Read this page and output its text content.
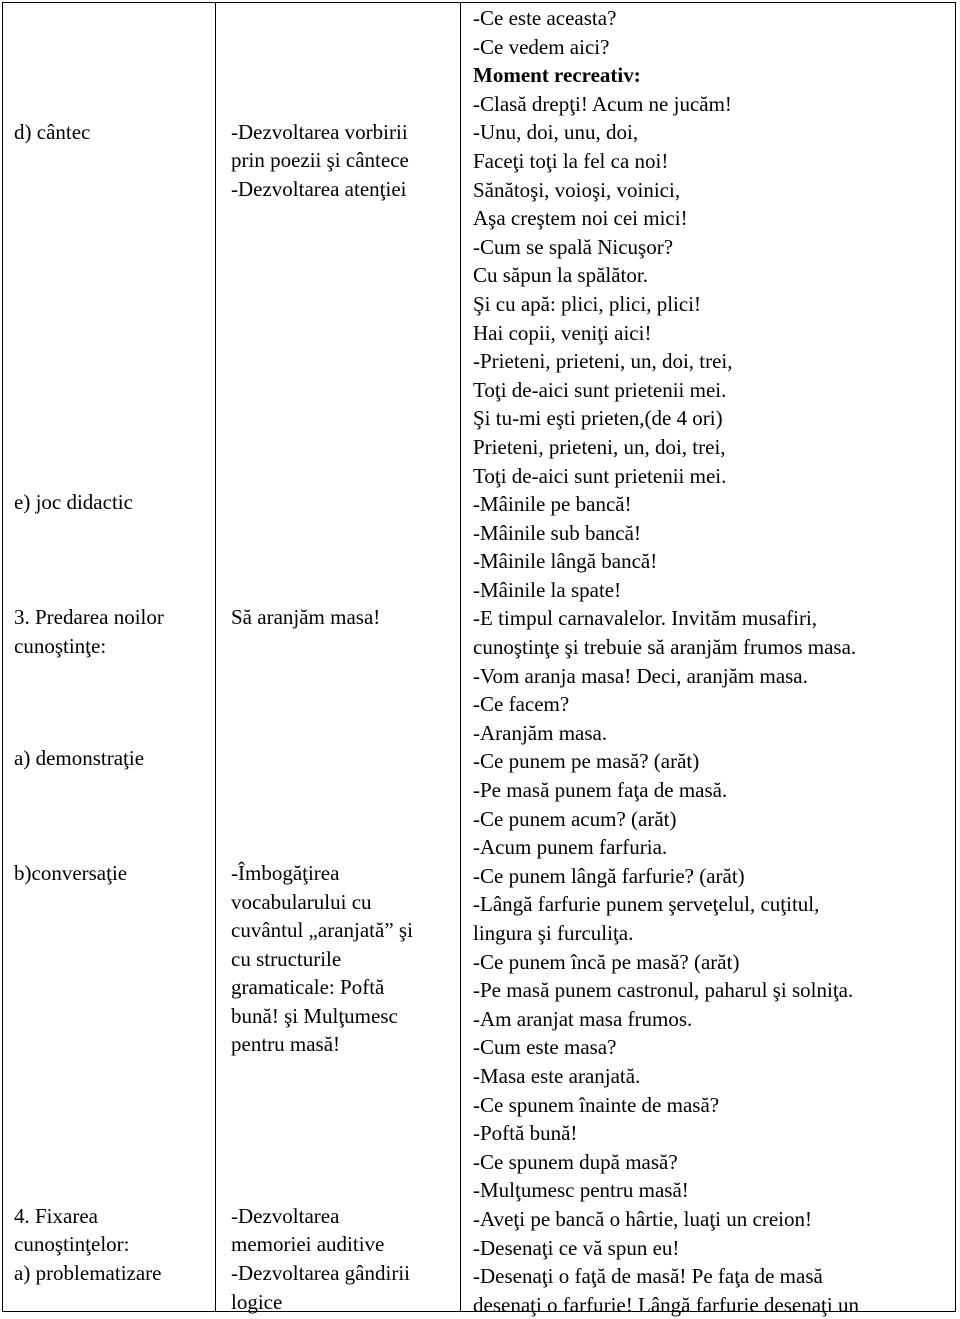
d) cântec
e) joc didactic
3. Predarea noilor
cunoştinţe:
a) demonstraţie
b)conversaţie
4. Fixarea
cunoştinţelor:
a) problematizare
-Dezvoltarea vorbirii
prin poezii şi cântece
-Dezvoltarea atenţiei
Să aranjăm masa!
-Îmbogăţirea
vocabularului cu
cuvântul „aranjată” şi
cu structurile
gramaticale: Poftă
bună! şi Mulţumesc
pentru masă!
-Dezvoltarea
memoriei auditive
-Dezvoltarea gândirii
logice
-Ce este aceasta?
-Ce vedem aici?
Moment recreativ:
-Clasă drepţi! Acum ne jucăm!
-Unu, doi, unu, doi,
Faceţi toţi la fel ca noi!
Sănătoşi, voioşi, voinici,
Aşa creştem noi cei mici!
-Cum se spală Nicuşor?
Cu săpun la spălător.
Şi cu apă: plici, plici, plici!
Hai copii, veniţi aici!
-Prieteni, prieteni, un, doi, trei,
Toţi de-aici sunt prietenii mei.
Şi tu-mi eşti prieten,(de 4 ori)
Prieteni, prieteni, un, doi, trei,
Toţi de-aici sunt prietenii mei.
-Mâinile pe bancă!
-Mâinile sub bancă!
-Mâinile lângă bancă!
-Mâinile la spate!
-E timpul carnavalelor. Invităm musafiri,
cunoştinţe şi trebuie să aranjăm frumos masa.
-Vom aranja masa! Deci, aranjăm masa.
-Ce facem?
-Aranjăm masa.
-Ce punem pe masă? (arăt)
-Pe masă punem faţa de masă.
-Ce punem acum? (arăt)
-Acum punem farfuria.
-Ce punem lângă farfurie? (arăt)
-Lângă farfurie punem şerveţelul, cuţitul,
lingura şi furculiţa.
-Ce punem încă pe masă? (arăt)
-Pe masă punem castronul, paharul şi solniţa.
-Am aranjat masa frumos.
-Cum este masa?
-Masa este aranjată.
-Ce spunem înainte de masă?
-Poftă bună!
-Ce spunem după masă?
-Mulţumesc pentru masă!
-Aveţi pe bancă o hârtie, luaţi un creion!
-Desenaţi ce vă spun eu!
-Desenaţi o faţă de masă! Pe faţa de masă
desenaţi o farfurie! Lângă farfurie desenaţi un
